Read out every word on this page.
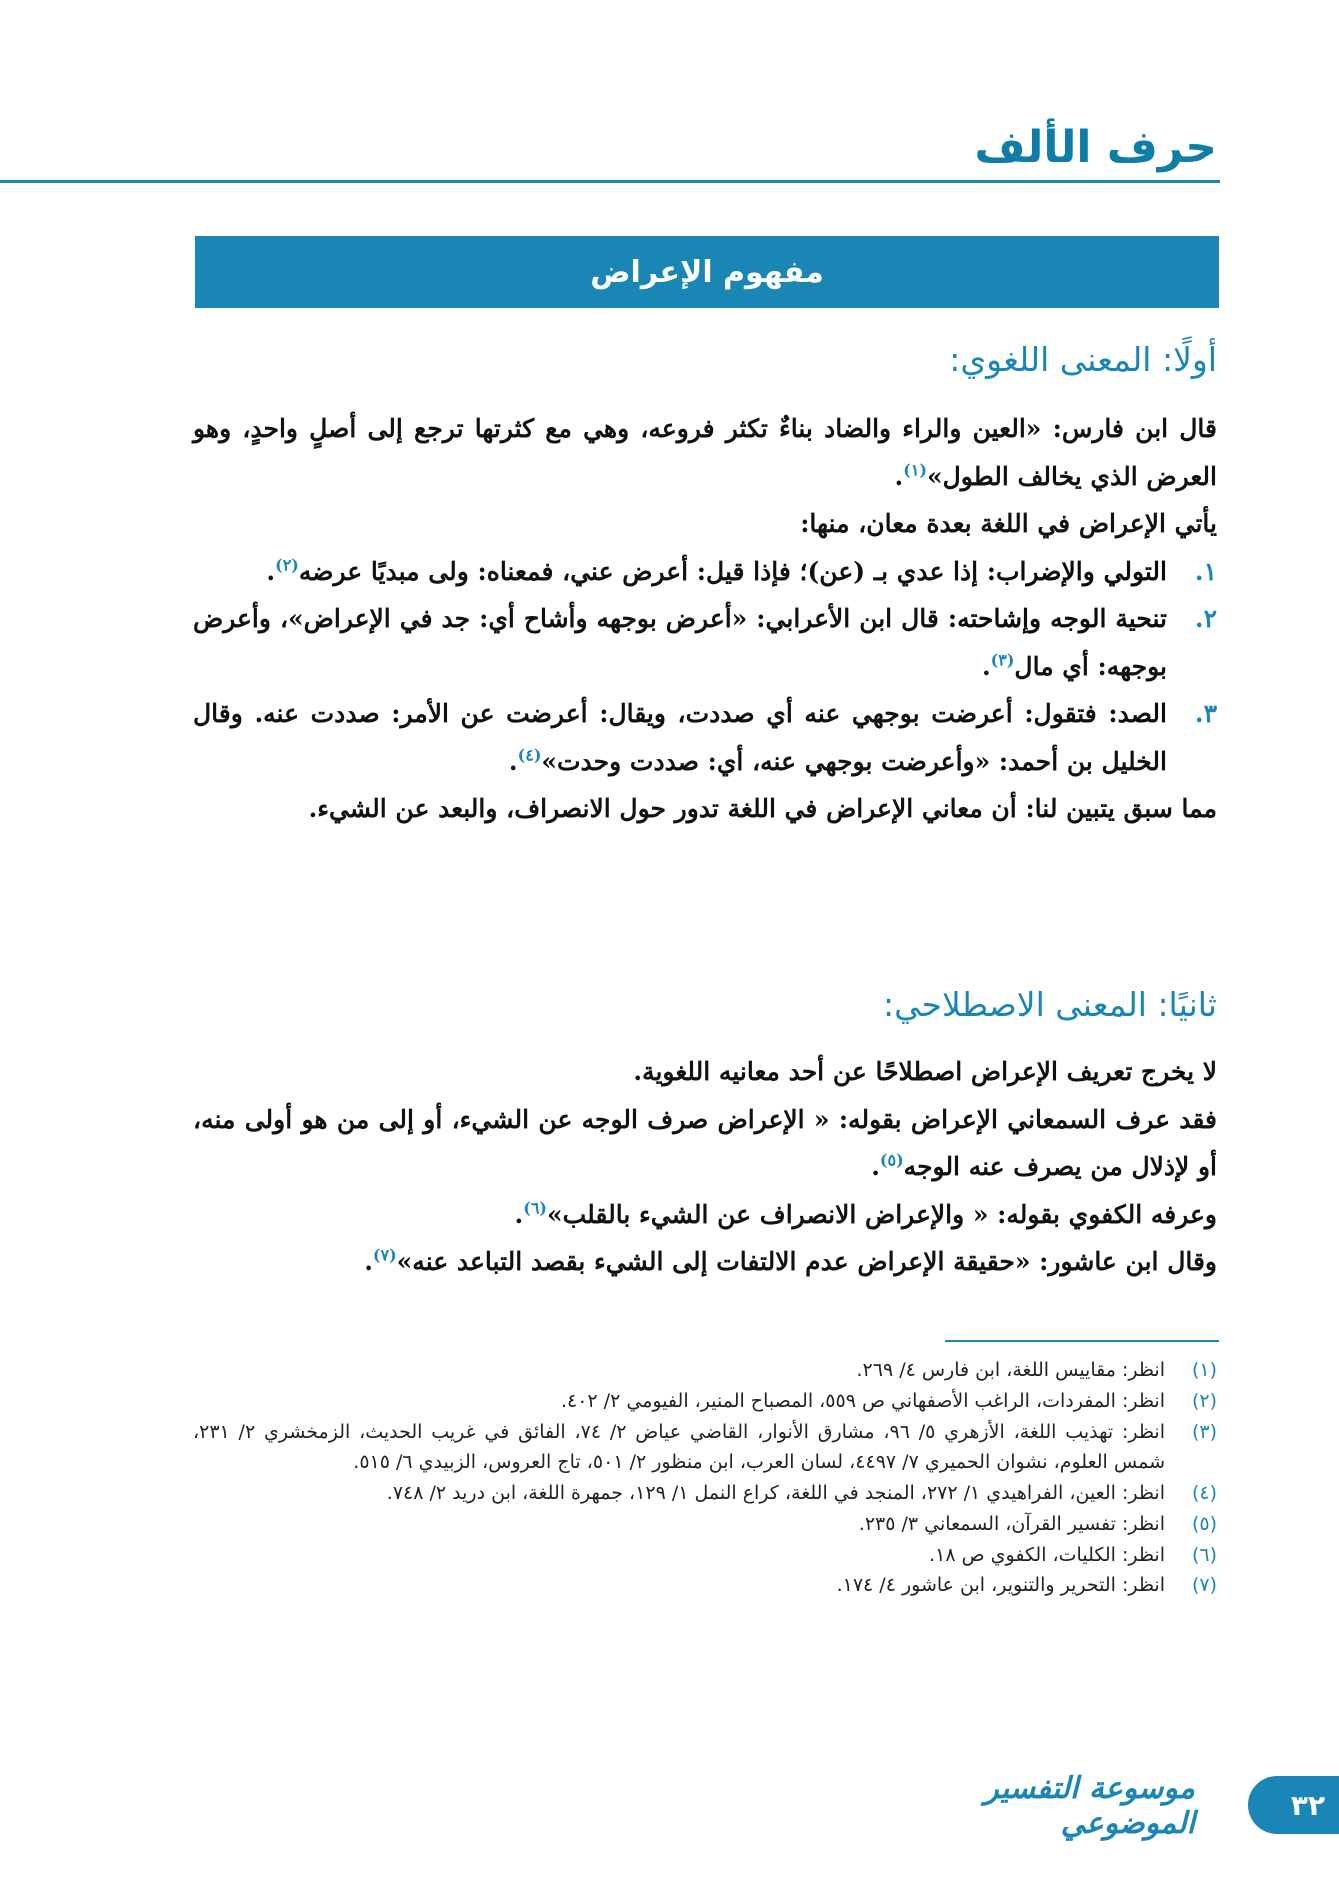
حرف الألف
مفهوم الإعراض
أولًا: المعنى اللغوي:

قال ابن فارس: «العين والراء والضاد بناءٌ تكثر فروعه، وهي مع كثرتها ترجع إلى أصلٍ واحدٍ، وهو العرض الذي يخالف الطول»$^{(١)}$.

يأتي الإعراض في اللغة بعدة معان، منها:

١.
التولي والإضراب: إذا عدي بـ (عن)؛ فإذا قيل: أعرض عني، فمعناه: ولى مبديًا عرضه$^{(٢)}$.
٢.
تنحية الوجه وإشاحته: قال ابن الأعرابي: «أعرض بوجهه وأشاح أي: جد في الإعراض»، وأعرض بوجهه: أي مال$^{(٣)}$.
٣.
الصد: فتقول: أعرضت بوجهي عنه أي صددت، ويقال: أعرضت عن الأمر: صددت عنه. وقال الخليل بن أحمد: «وأعرضت بوجهي عنه، أي: صددت وحدت»$^{(٤)}$.

مما سبق يتبين لنا: أن معاني الإعراض في اللغة تدور حول الانصراف، والبعد عن الشيء.

ثانيًا: المعنى الاصطلاحي:

لا يخرج تعريف الإعراض اصطلاحًا عن أحد معانيه اللغوية.

فقد عرف السمعاني الإعراض بقوله: « الإعراض صرف الوجه عن الشيء، أو إلى من هو أولى منه، أو لإذلال من يصرف عنه الوجه$^{(٥)}$.

وعرفه الكفوي بقوله: « والإعراض الانصراف عن الشيء بالقلب»$^{(٦)}$.

وقال ابن عاشور: «حقيقة الإعراض عدم الالتفات إلى الشيء بقصد التباعد عنه»$^{(٧)}$.

(١)
انظر: مقاييس اللغة، ابن فارس ٤/ ٢٦٩.
(٢)
انظر: المفردات، الراغب الأصفهاني ص ٥٥٩، المصباح المنير، الفيومي ٢/ ٤٠٢.
(٣)
انظر: تهذيب اللغة، الأزهري ٥/ ٩٦، مشارق الأنوار، القاضي عياض ٢/ ٧٤، الفائق في غريب الحديث، الزمخشري ٢/ ٢٣١، شمس العلوم، نشوان الحميري ٧/ ٤٤٩٧، لسان العرب، ابن منظور ٢/ ٥٠١، تاج العروس، الزبيدي ٦/ ٥١٥.
(٤)
انظر: العين، الفراهيدي ١/ ٢٧٢، المنجد في اللغة، كراع النمل ١/ ١٢٩، جمهرة اللغة، ابن دريد ٢/ ٧٤٨.
(٥)
انظر: تفسير القرآن، السمعاني ٣/ ٢٣٥.
(٦)
انظر: الكليات، الكفوي ص ١٨.
(٧)
انظر: التحرير والتنوير، ابن عاشور ٤/ ١٧٤.
موسوعة التفسير الموضوعي
٣٢
